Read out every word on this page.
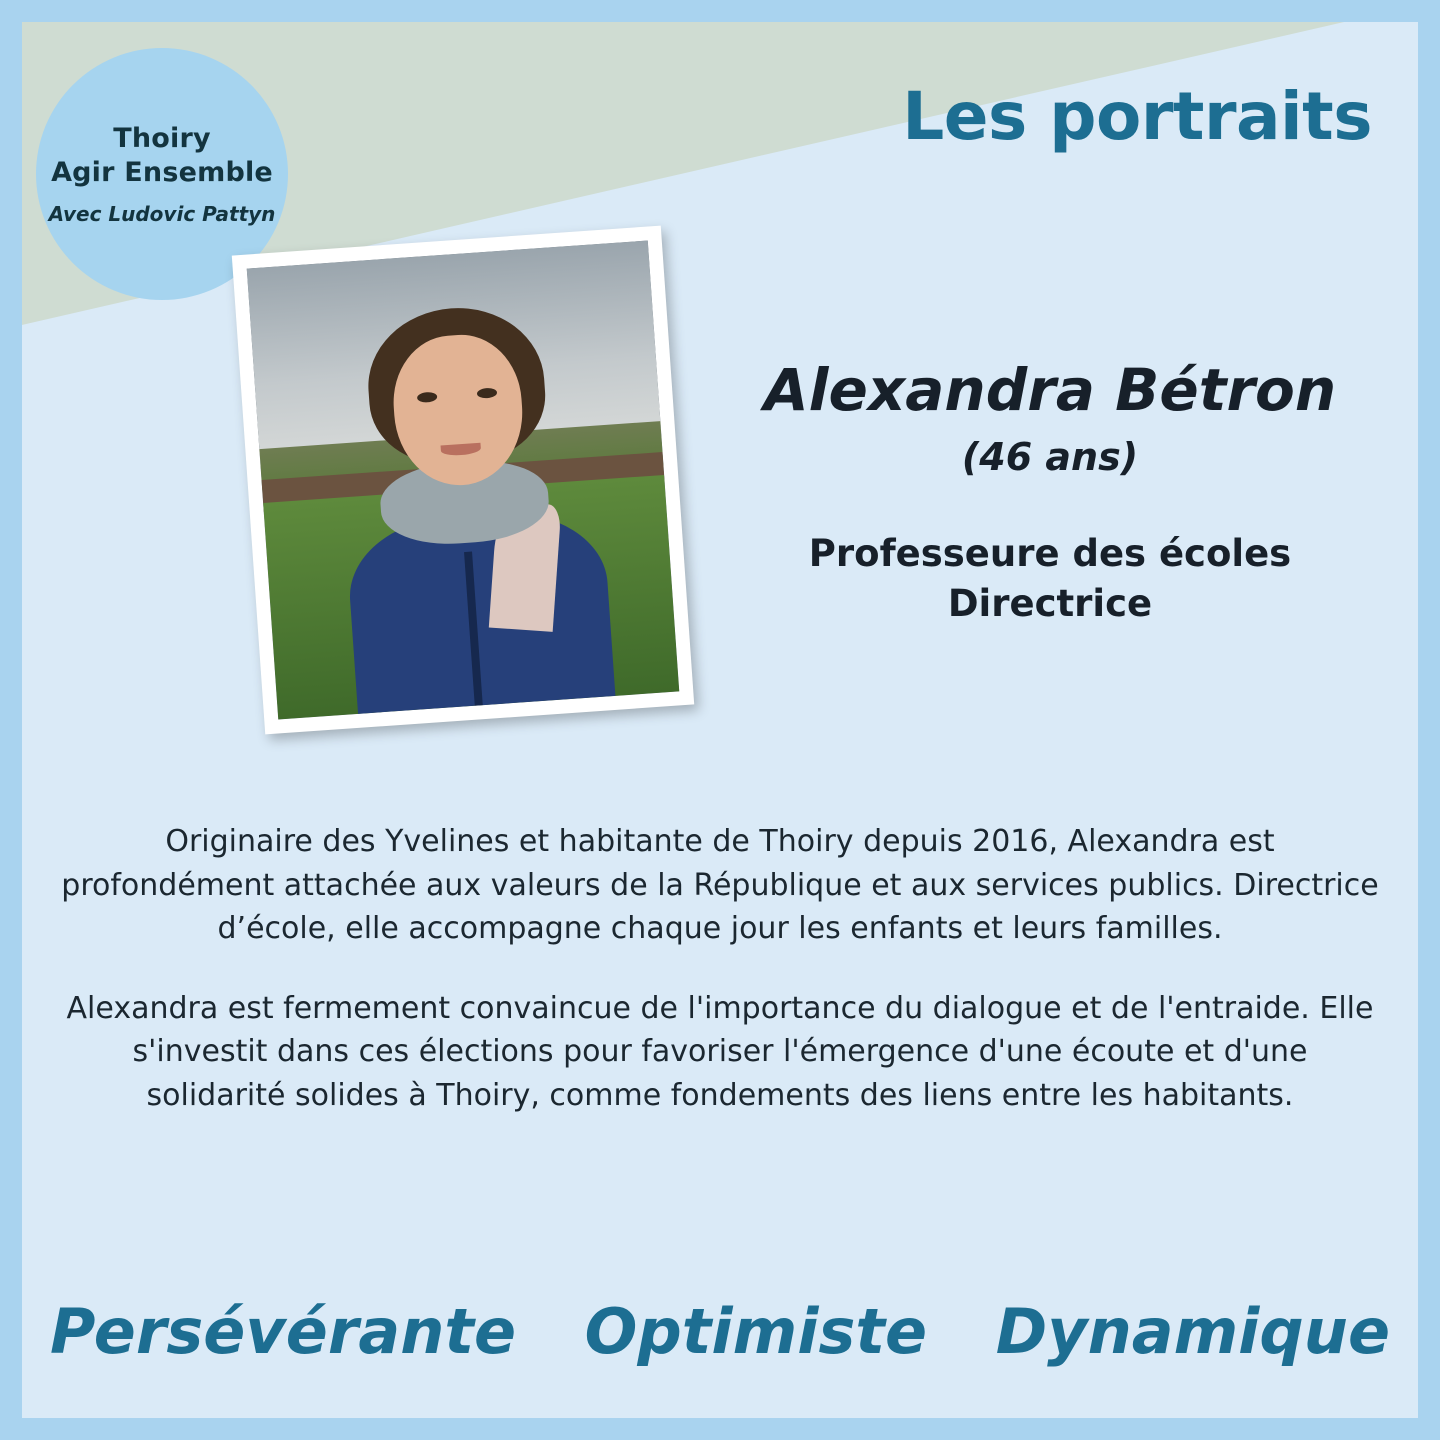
Thoiry
Agir Ensemble
Avec Ludovic Pattyn
Les portraits
Alexandra Bétron
(46 ans)
Professeure des écoles
Directrice

Originaire des Yvelines et habitante de Thoiry depuis 2016, Alexandra est profondément attachée aux valeurs de la République et aux services publics. Directrice d’école, elle accompagne chaque jour les enfants et leurs familles.

Alexandra est fermement convaincue de l'importance du dialogue et de l'entraide. Elle s'investit dans ces élections pour favoriser l'émergence d'une écoute et d'une solidarité solides à Thoiry, comme fondements des liens entre les habitants.

Persévérante Optimiste Dynamique
